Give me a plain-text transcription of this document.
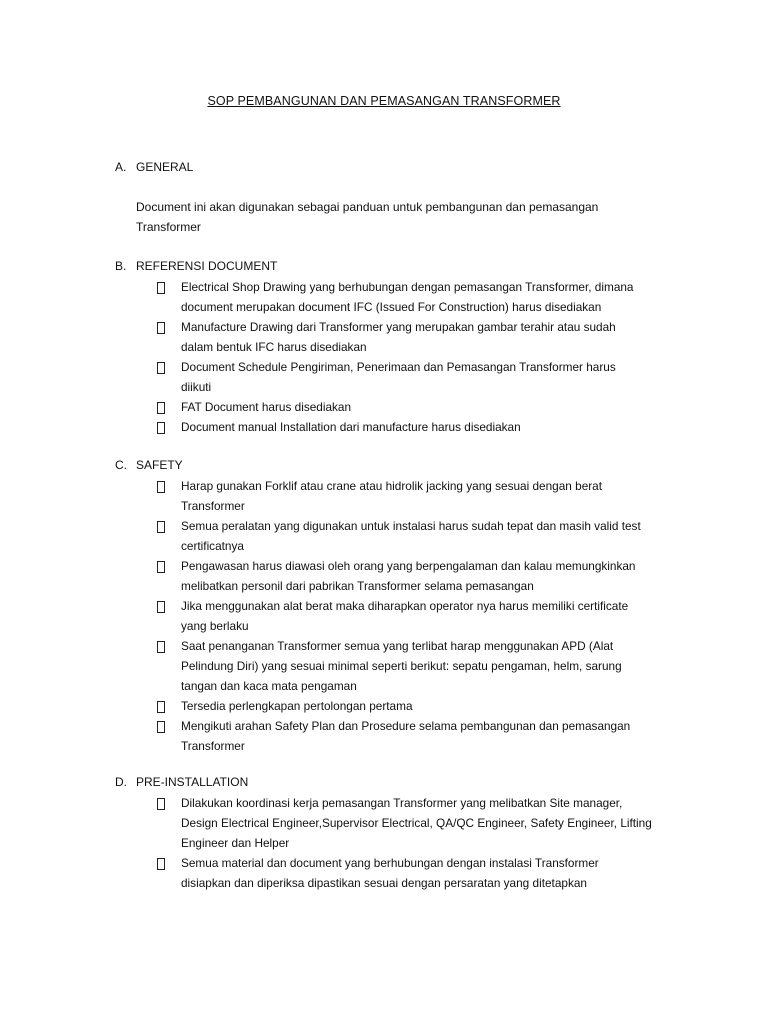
SOP PEMBANGUNAN DAN PEMASANGAN TRANSFORMER
A. GENERAL
Document ini akan digunakan sebagai panduan untuk pembangunan dan pemasangan
Transformer
B. REFERENSI DOCUMENT
Electrical Shop Drawing yang berhubungan dengan pemasangan Transformer, dimana
document merupakan document IFC (Issued For Construction) harus disediakan
Manufacture Drawing dari Transformer yang merupakan gambar terahir atau sudah
dalam bentuk IFC harus disediakan
Document Schedule Pengiriman, Penerimaan dan Pemasangan Transformer harus
diikuti
FAT Document harus disediakan
Document manual Installation dari manufacture harus disediakan
C. SAFETY
Harap gunakan Forklif atau crane atau hidrolik jacking yang sesuai dengan berat
Transformer
Semua peralatan yang digunakan untuk instalasi harus sudah tepat dan masih valid test
certificatnya
Pengawasan harus diawasi oleh orang yang berpengalaman dan kalau memungkinkan
melibatkan personil dari pabrikan Transformer selama pemasangan
Jika menggunakan alat berat maka diharapkan operator nya harus memiliki certificate
yang berlaku
Saat penanganan Transformer semua yang terlibat harap menggunakan APD (Alat
Pelindung Diri) yang sesuai minimal seperti berikut: sepatu pengaman, helm, sarung
tangan dan kaca mata pengaman
Tersedia perlengkapan pertolongan pertama
Mengikuti arahan Safety Plan dan Prosedure selama pembangunan dan pemasangan
Transformer
D. PRE-INSTALLATION
Dilakukan koordinasi kerja pemasangan Transformer yang melibatkan Site manager,
Design Electrical Engineer,Supervisor Electrical, QA/QC Engineer, Safety Engineer, Lifting
Engineer dan Helper
Semua material dan document yang berhubungan dengan instalasi Transformer
disiapkan dan diperiksa dipastikan sesuai dengan persaratan yang ditetapkan
